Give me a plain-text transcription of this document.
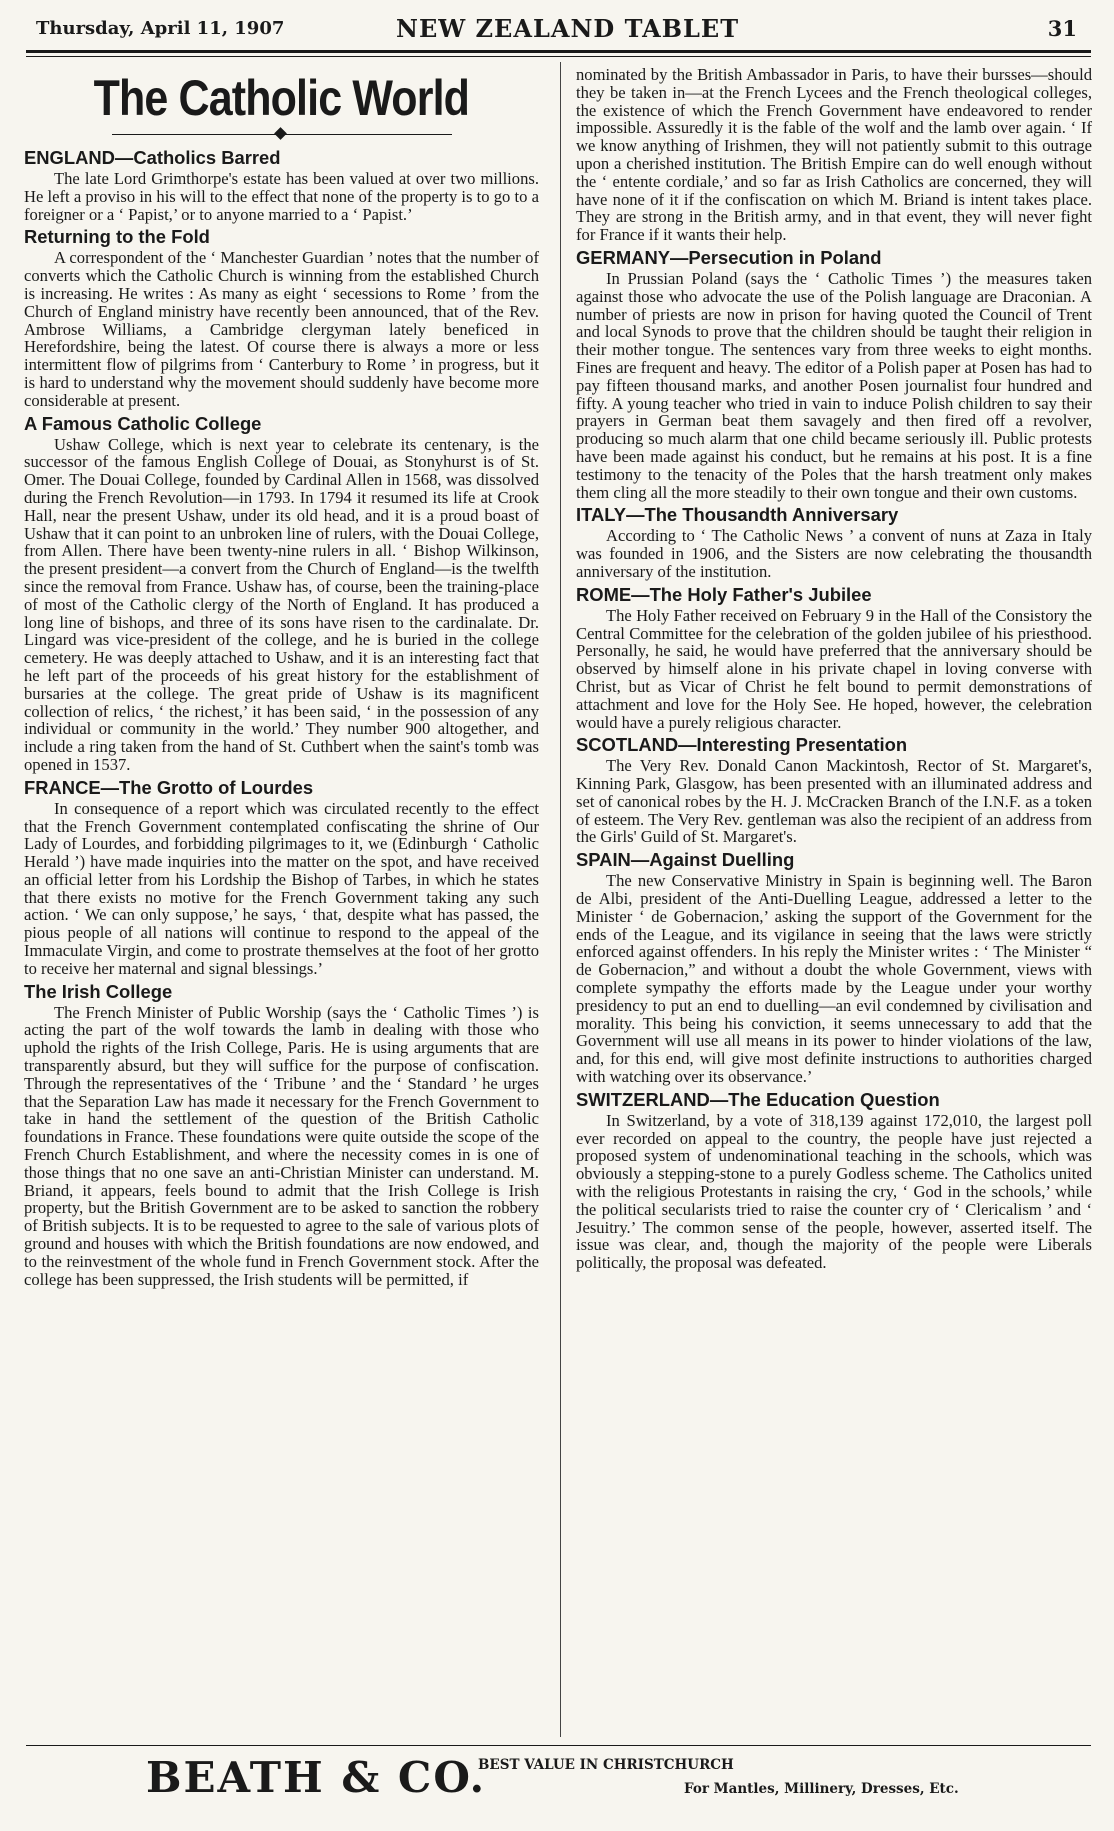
Thursday, April 11, 1907	NEW ZEALAND TABLET	31
The Catholic World
ENGLAND—Catholics Barred

The late Lord Grimthorpe's estate has been valued at over two millions. He left a proviso in his will to the effect that none of the property is to go to a foreigner or a ‘ Papist,’ or to anyone married to a ‘ Papist.’

Returning to the Fold

A correspondent of the ‘ Manchester Guardian ’ notes that the number of converts which the Catholic Church is winning from the established Church is increasing. He writes : As many as eight ‘ secessions to Rome ’ from the Church of England ministry have recently been announced, that of the Rev. Ambrose Williams, a Cambridge clergyman lately beneficed in Herefordshire, being the latest. Of course there is always a more or less intermittent flow of pilgrims from ‘ Canterbury to Rome ’ in progress, but it is hard to understand why the movement should suddenly have become more considerable at present.

A Famous Catholic College

Ushaw College, which is next year to celebrate its centenary, is the successor of the famous English College of Douai, as Stonyhurst is of St. Omer. The Douai College, founded by Cardinal Allen in 1568, was dissolved during the French Revolution—in 1793. In 1794 it resumed its life at Crook Hall, near the present Ushaw, under its old head, and it is a proud boast of Ushaw that it can point to an unbroken line of rulers, with the Douai College, from Allen. There have been twenty-nine rulers in all. ‘ Bishop Wilkinson, the present president—a convert from the Church of England—is the twelfth since the removal from France. Ushaw has, of course, been the training-place of most of the Catholic clergy of the North of England. It has produced a long line of bishops, and three of its sons have risen to the cardinalate. Dr. Lingard was vice-president of the college, and he is buried in the college cemetery. He was deeply attached to Ushaw, and it is an interesting fact that he left part of the proceeds of his great history for the establishment of bursaries at the college. The great pride of Ushaw is its magnificent collection of relics, ‘ the richest,’ it has been said, ‘ in the possession of any individual or community in the world.’ They number 900 altogether, and include a ring taken from the hand of St. Cuthbert when the saint's tomb was opened in 1537.

FRANCE—The Grotto of Lourdes

In consequence of a report which was circulated recently to the effect that the French Government contemplated confiscating the shrine of Our Lady of Lourdes, and forbidding pilgrimages to it, we (Edinburgh ‘ Catholic Herald ’) have made inquiries into the matter on the spot, and have received an official letter from his Lordship the Bishop of Tarbes, in which he states that there exists no motive for the French Government taking any such action. ‘ We can only suppose,’ he says, ‘ that, despite what has passed, the pious people of all nations will continue to respond to the appeal of the Immaculate Virgin, and come to prostrate themselves at the foot of her grotto to receive her maternal and signal blessings.’

The Irish College

The French Minister of Public Worship (says the ‘ Catholic Times ’) is acting the part of the wolf towards the lamb in dealing with those who uphold the rights of the Irish College, Paris. He is using arguments that are transparently absurd, but they will suffice for the purpose of confiscation. Through the representatives of the ‘ Tribune ’ and the ‘ Standard ’ he urges that the Separation Law has made it necessary for the French Government to take in hand the settlement of the question of the British Catholic foundations in France. These foundations were quite outside the scope of the French Church Establishment, and where the necessity comes in is one of those things that no one save an anti-Christian Minister can understand. M. Briand, it appears, feels bound to admit that the Irish College is Irish property, but the British Government are to be asked to sanction the robbery of British subjects. It is to be requested to agree to the sale of various plots of ground and houses with which the British foundations are now endowed, and to the reinvestment of the whole fund in French Government stock. After the college has been suppressed, the Irish students will be permitted, if

nominated by the British Ambassador in Paris, to have their bursses—should they be taken in—at the French Lycees and the French theological colleges, the existence of which the French Government have endeavored to render impossible. Assuredly it is the fable of the wolf and the lamb over again. ‘ If we know anything of Irishmen, they will not patiently submit to this outrage upon a cherished institution. The British Empire can do well enough without the ‘ entente cordiale,’ and so far as Irish Catholics are concerned, they will have none of it if the confiscation on which M. Briand is intent takes place. They are strong in the British army, and in that event, they will never fight for France if it wants their help.

GERMANY—Persecution in Poland

In Prussian Poland (says the ‘ Catholic Times ’) the measures taken against those who advocate the use of the Polish language are Draconian. A number of priests are now in prison for having quoted the Council of Trent and local Synods to prove that the children should be taught their religion in their mother tongue. The sentences vary from three weeks to eight months. Fines are frequent and heavy. The editor of a Polish paper at Posen has had to pay fifteen thousand marks, and another Posen journalist four hundred and fifty. A young teacher who tried in vain to induce Polish children to say their prayers in German beat them savagely and then fired off a revolver, producing so much alarm that one child became seriously ill. Public protests have been made against his conduct, but he remains at his post. It is a fine testimony to the tenacity of the Poles that the harsh treatment only makes them cling all the more steadily to their own tongue and their own customs.

ITALY—The Thousandth Anniversary

According to ‘ The Catholic News ’ a convent of nuns at Zaza in Italy was founded in 1906, and the Sisters are now celebrating the thousandth anniversary of the institution.

ROME—The Holy Father's Jubilee

The Holy Father received on February 9 in the Hall of the Consistory the Central Committee for the celebration of the golden jubilee of his priesthood. Personally, he said, he would have preferred that the anniversary should be observed by himself alone in his private chapel in loving converse with Christ, but as Vicar of Christ he felt bound to permit demonstrations of attachment and love for the Holy See. He hoped, however, the celebration would have a purely religious character.

SCOTLAND—Interesting Presentation

The Very Rev. Donald Canon Mackintosh, Rector of St. Margaret's, Kinning Park, Glasgow, has been presented with an illuminated address and set of canonical robes by the H. J. McCracken Branch of the I.N.F. as a token of esteem. The Very Rev. gentleman was also the recipient of an address from the Girls' Guild of St. Margaret's.

SPAIN—Against Duelling

The new Conservative Ministry in Spain is beginning well. The Baron de Albi, president of the Anti-Duelling League, addressed a letter to the Minister ‘ de Gobernacion,’ asking the support of the Government for the ends of the League, and its vigilance in seeing that the laws were strictly enforced against offenders. In his reply the Minister writes : ‘ The Minister “ de Gobernacion,” and without a doubt the whole Government, views with complete sympathy the efforts made by the League under your worthy presidency to put an end to duelling—an evil condemned by civilisation and morality. This being his conviction, it seems unnecessary to add that the Government will use all means in its power to hinder violations of the law, and, for this end, will give most definite instructions to authorities charged with watching over its observance.’

SWITZERLAND—The Education Question

In Switzerland, by a vote of 318,139 against 172,010, the largest poll ever recorded on appeal to the country, the people have just rejected a proposed system of undenominational teaching in the schools, which was obviously a stepping-stone to a purely Godless scheme. The Catholics united with the religious Protestants in raising the cry, ‘ God in the schools,’ while the political secularists tried to raise the counter cry of ‘ Clericalism ’ and ‘ Jesuitry.’ The common sense of the people, however, asserted itself. The issue was clear, and, though the majority of the people were Liberals politically, the proposal was defeated.

BEATH & CO.
BEST VALUE IN CHRISTCHURCH
For Mantles, Millinery, Dresses, Etc.
